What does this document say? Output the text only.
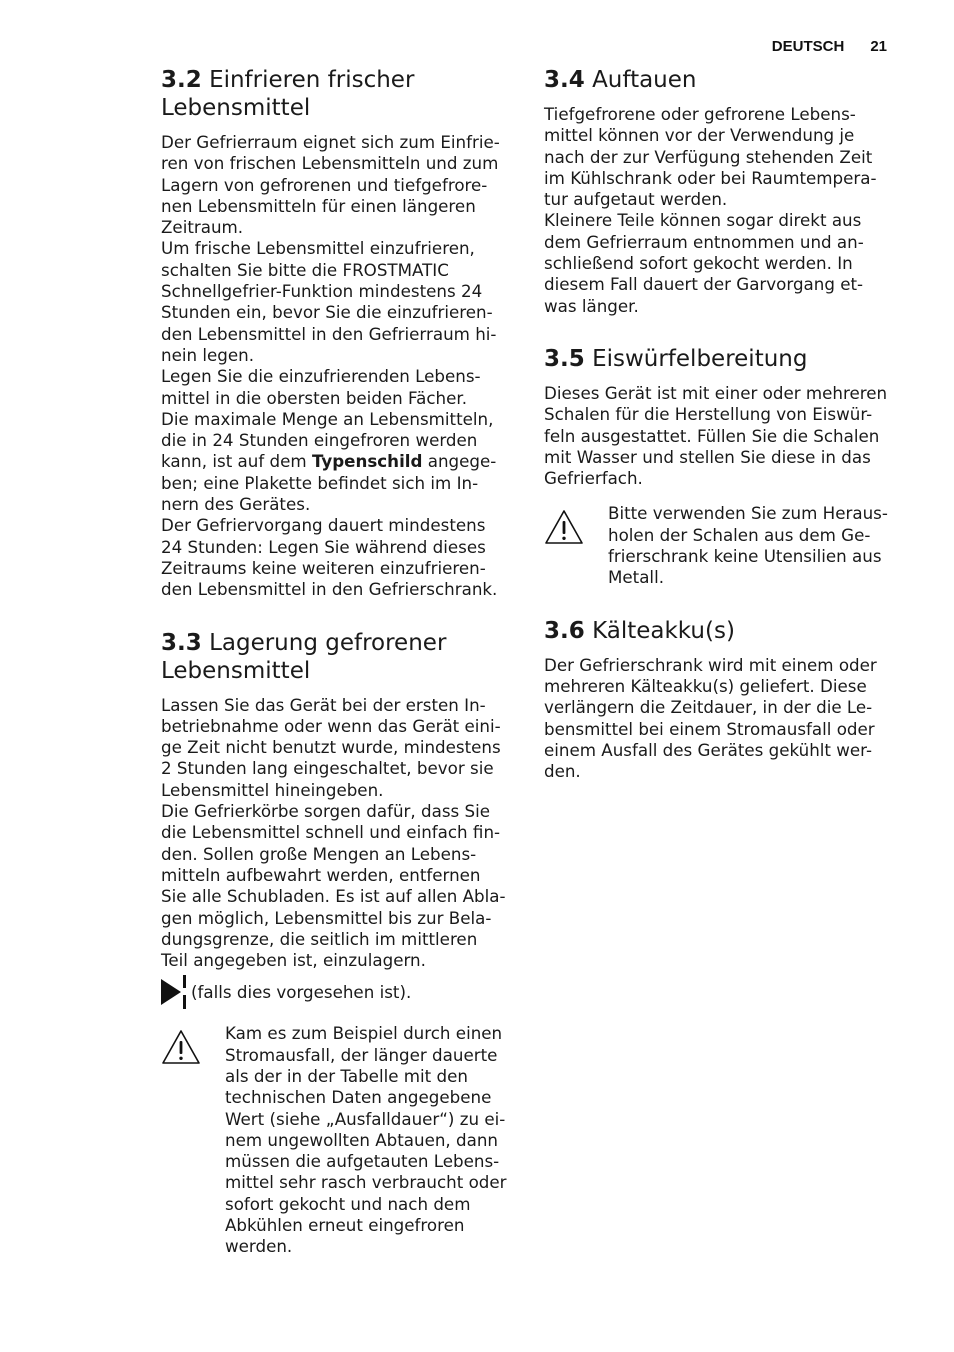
DEUTSCH 21
3.2 Einfrieren frischer
Lebensmittel

Der Gefrierraum eignet sich zum Einfrie-
ren von frischen Lebensmitteln und zum
Lagern von gefrorenen und tiefgefrore-
nen Lebensmitteln für einen längeren
Zeitraum.
Um frische Lebensmittel einzufrieren,
schalten Sie bitte die FROSTMATIC
Schnellgefrier-Funktion mindestens 24
Stunden ein, bevor Sie die einzufrieren-
den Lebensmittel in den Gefrierraum hi-
nein legen.
Legen Sie die einzufrierenden Lebens-
mittel in die obersten beiden Fächer.
Die maximale Menge an Lebensmitteln,
die in 24 Stunden eingefroren werden
kann, ist auf dem Typenschild angege-
ben; eine Plakette befindet sich im In-
nern des Gerätes.
Der Gefriervorgang dauert mindestens
24 Stunden: Legen Sie während dieses
Zeitraums keine weiteren einzufrieren-
den Lebensmittel in den Gefrierschrank.

3.3 Lagerung gefrorener
Lebensmittel

Lassen Sie das Gerät bei der ersten In-
betriebnahme oder wenn das Gerät eini-
ge Zeit nicht benutzt wurde, mindestens
2 Stunden lang eingeschaltet, bevor sie
Lebensmittel hineingeben.
Die Gefrierkörbe sorgen dafür, dass Sie
die Lebensmittel schnell und einfach fin-
den. Sollen große Mengen an Lebens-
mitteln aufbewahrt werden, entfernen
Sie alle Schubladen. Es ist auf allen Abla-
gen möglich, Lebensmittel bis zur Bela-
dungsgrenze, die seitlich im mittleren
Teil angegeben ist, einzulagern.

(falls dies vorgesehen ist).

Kam es zum Beispiel durch einen
Stromausfall, der länger dauerte
als der in der Tabelle mit den
technischen Daten angegebene
Wert (siehe „Ausfalldauer“) zu ei-
nem ungewollten Abtauen, dann
müssen die aufgetauten Lebens-
mittel sehr rasch verbraucht oder
sofort gekocht und nach dem
Abkühlen erneut eingefroren
werden.

3.4 Auftauen

Tiefgefrorene oder gefrorene Lebens-
mittel können vor der Verwendung je
nach der zur Verfügung stehenden Zeit
im Kühlschrank oder bei Raumtempera-
tur aufgetaut werden.
Kleinere Teile können sogar direkt aus
dem Gefrierraum entnommen und an-
schließend sofort gekocht werden. In
diesem Fall dauert der Garvorgang et-
was länger.

3.5 Eiswürfelbereitung

Dieses Gerät ist mit einer oder mehreren
Schalen für die Herstellung von Eiswür-
feln ausgestattet. Füllen Sie die Schalen
mit Wasser und stellen Sie diese in das
Gefrierfach.

Bitte verwenden Sie zum Heraus-
holen der Schalen aus dem Ge-
frierschrank keine Utensilien aus
Metall.

3.6 Kälteakku(s)

Der Gefrierschrank wird mit einem oder
mehreren Kälteakku(s) geliefert. Diese
verlängern die Zeitdauer, in der die Le-
bensmittel bei einem Stromausfall oder
einem Ausfall des Gerätes gekühlt wer-
den.
